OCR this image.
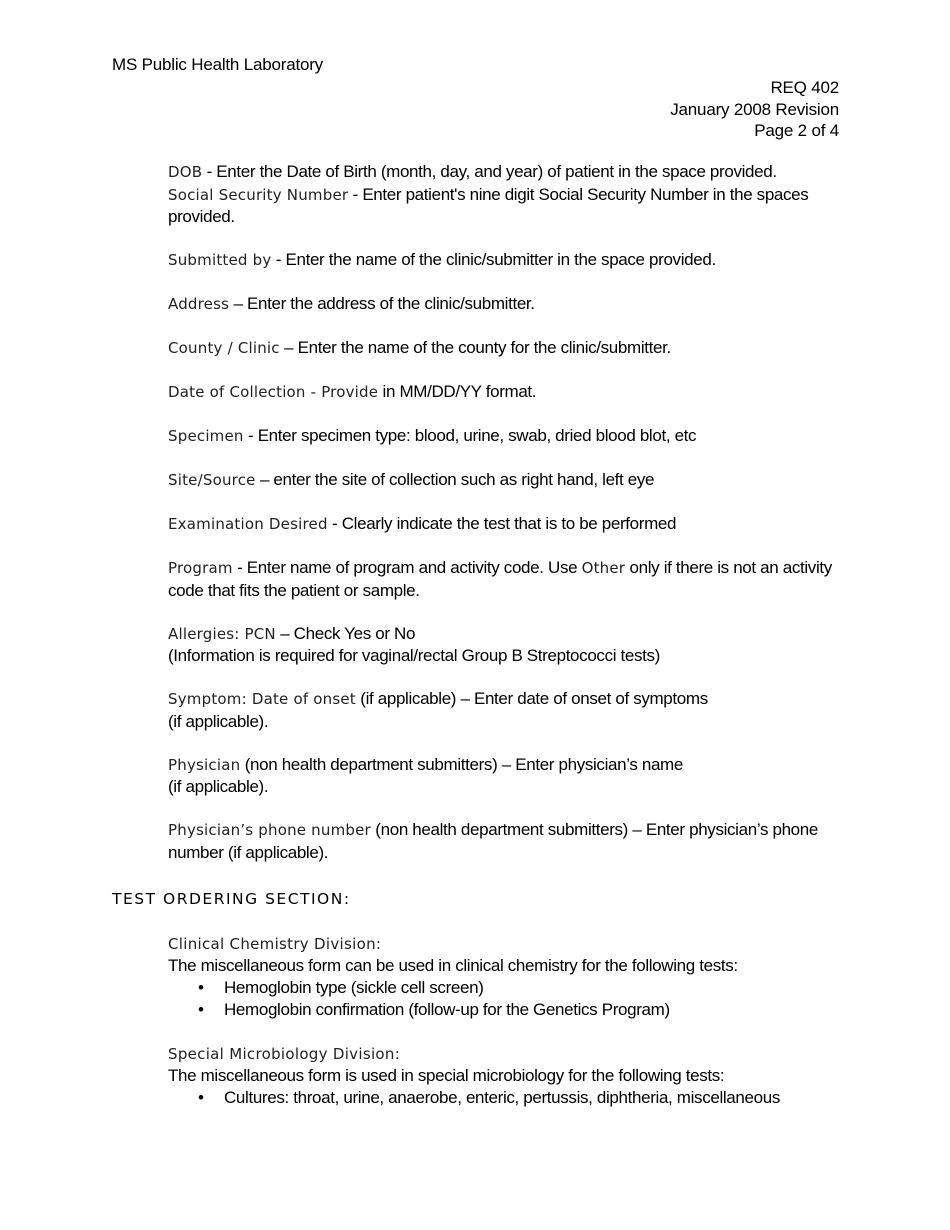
MS Public Health Laboratory
REQ 402
January 2008 Revision
Page 2 of 4

DOB - Enter the Date of Birth (month, day, and year) of patient in the space provided.

Social Security Number - Enter patient's nine digit Social Security Number in the spaces provided.

Submitted by - Enter the name of the clinic/submitter in the space provided.

Address – Enter the address of the clinic/submitter.

County / Clinic – Enter the name of the county for the clinic/submitter.

Date of Collection - Provide in MM/DD/YY format.

Specimen - Enter specimen type: blood, urine, swab, dried blood blot, etc

Site/Source – enter the site of collection such as right hand, left eye

Examination Desired - Clearly indicate the test that is to be performed

Program - Enter name of program and activity code. Use Other only if there is not an activity code that fits the patient or sample.

Allergies: PCN – Check Yes or No
(Information is required for vaginal/rectal Group B Streptococci tests)

Symptom: Date of onset (if applicable) – Enter date of onset of symptoms
(if applicable).

Physician (non health department submitters) – Enter physician’s name
(if applicable).

Physician’s phone number (non health department submitters) – Enter physician’s phone number (if applicable).

TEST ORDERING SECTION:
Clinical Chemistry Division:
The miscellaneous form can be used in clinical chemistry for the following tests:
• Hemoglobin type (sickle cell screen)
• Hemoglobin confirmation (follow-up for the Genetics Program)
Special Microbiology Division:
The miscellaneous form is used in special microbiology for the following tests:
• Cultures: throat, urine, anaerobe, enteric, pertussis, diphtheria, miscellaneous
